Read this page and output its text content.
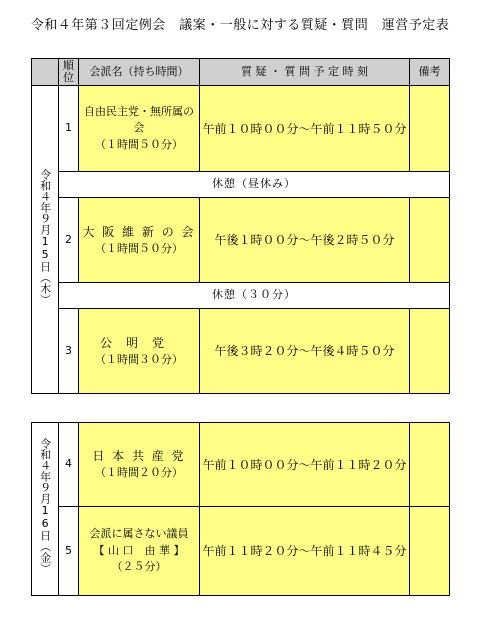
令和４年第３回定例会　議案・一般に対する質疑・質問　運営予定表
	順位	会派名（持ち時間）	質 疑 ・ 質 問 予 定 時 刻	備考
令和４年９月15日（木）	1	自由民主党・無所属の会
（１時間５０分）	午前１０時００分～午前１１時５０分	
	休憩（昼休み）			
	2	大 阪 維 新 の 会
（１時間５０分）	午後１時００分～午後２時５０分	
	休憩（３０分）			
	3	公明党
（１時間３０分）	午後３時２０分～午後４時５０分	
令和４年９月16日（金）	4	日 本 共 産 党
（１時間２０分）	午前１０時００分～午前１１時２０分	
	5	会派に属さない議員
【 山 口　由 華 】
（２５分）	午前１１時２０分～午前１１時４５分	
